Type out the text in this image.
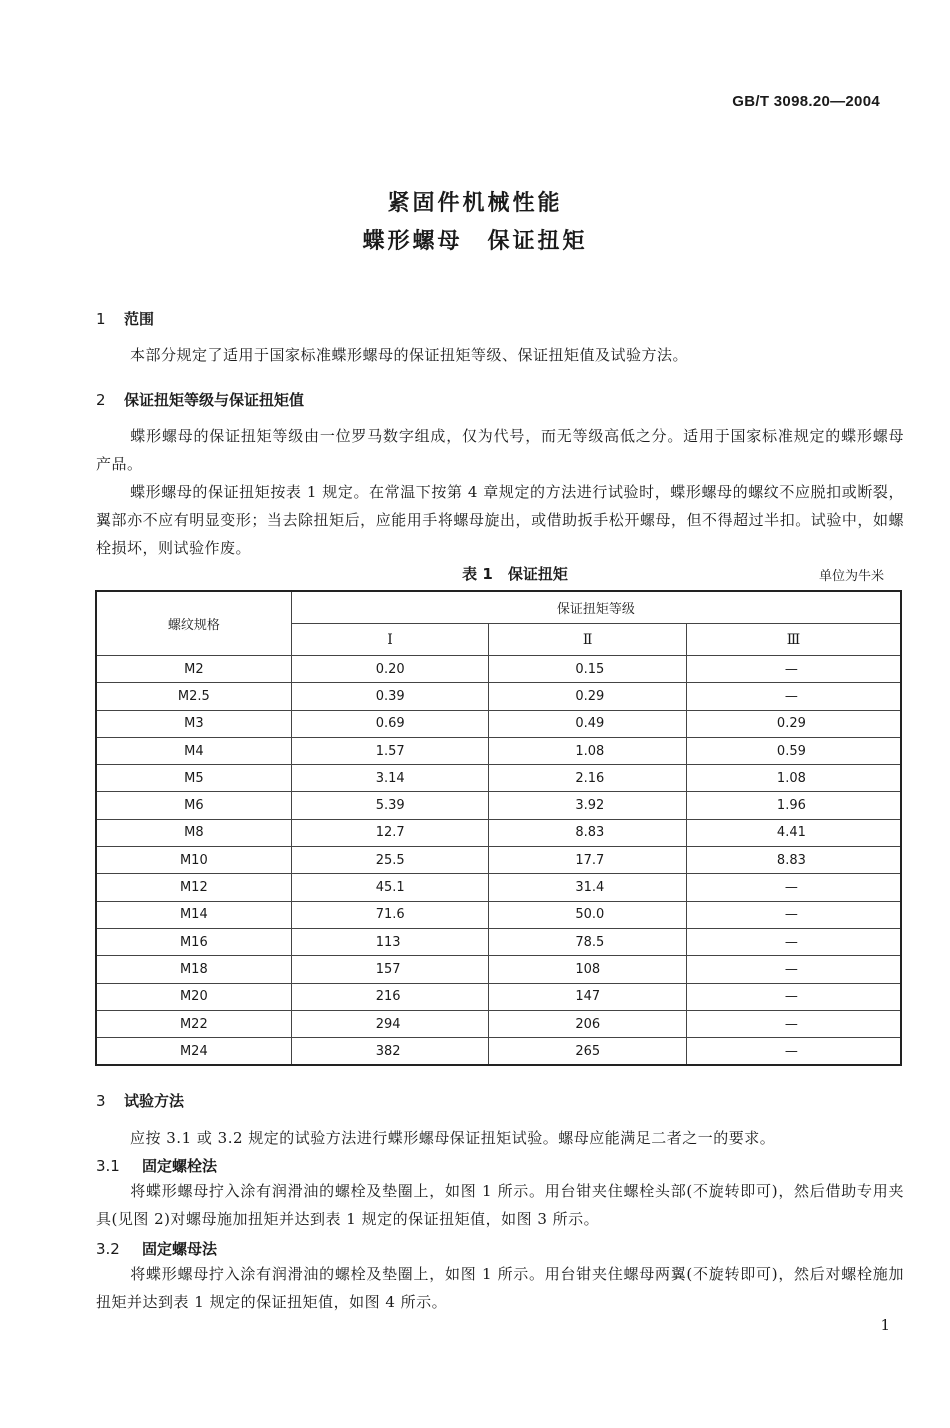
GB/T 3098.20—2004
紧固件机械性能
蝶形螺母　保证扭矩
1 范围
本部分规定了适用于国家标准蝶形螺母的保证扭矩等级、保证扭矩值及试验方法。
2 保证扭矩等级与保证扭矩值
蝶形螺母的保证扭矩等级由一位罗马数字组成，仅为代号，而无等级高低之分。适用于国家标准规定的蝶形螺母产品。
蝶形螺母的保证扭矩按表 1 规定。在常温下按第 4 章规定的方法进行试验时，蝶形螺母的螺纹不应脱扣或断裂，翼部亦不应有明显变形；当去除扭矩后，应能用手将螺母旋出，或借助扳手松开螺母，但不得超过半扣。试验中，如螺栓损坏，则试验作废。
表 1　保证扭矩	单位为牛米
螺纹规格	保证扭矩等级		
	Ⅰ	Ⅱ	Ⅲ
M2	0.20	0.15	—
M2.5	0.39	0.29	—
M3	0.69	0.49	0.29
M4	1.57	1.08	0.59
M5	3.14	2.16	1.08
M6	5.39	3.92	1.96
M8	12.7	8.83	4.41
M10	25.5	17.7	8.83
M12	45.1	31.4	—
M14	71.6	50.0	—
M16	113	78.5	—
M18	157	108	—
M20	216	147	—
M22	294	206	—
M24	382	265	—
3 试验方法
应按 3.1 或 3.2 规定的试验方法进行蝶形螺母保证扭矩试验。螺母应能满足二者之一的要求。
3.1 固定螺栓法
将蝶形螺母拧入涂有润滑油的螺栓及垫圈上，如图 1 所示。用台钳夹住螺栓头部(不旋转即可)，然后借助专用夹具(见图 2)对螺母施加扭矩并达到表 1 规定的保证扭矩值，如图 3 所示。
3.2 固定螺母法
将蝶形螺母拧入涂有润滑油的螺栓及垫圈上，如图 1 所示。用台钳夹住螺母两翼(不旋转即可)，然后对螺栓施加扭矩并达到表 1 规定的保证扭矩值，如图 4 所示。
1
